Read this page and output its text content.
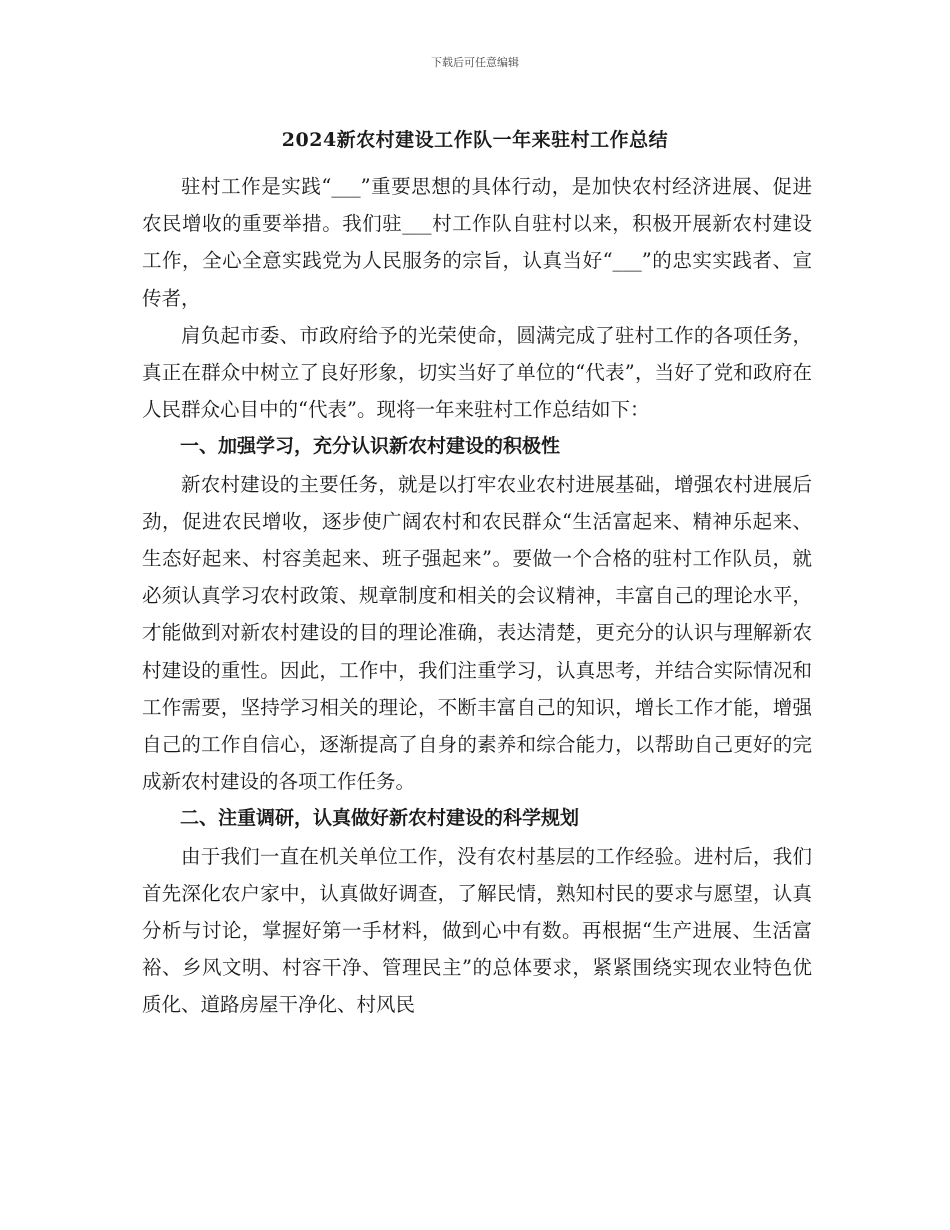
下载后可任意编辑
2024新农村建设工作队一年来驻村工作总结

驻村工作是实践“___”重要思想的具体行动，是加快农村经济进展、促进农民增收的重要举措。我们驻___村工作队自驻村以来，积极开展新农村建设工作，全心全意实践党为人民服务的宗旨，认真当好“___”的忠实实践者、宣传者，

肩负起市委、市政府给予的光荣使命，圆满完成了驻村工作的各项任务，真正在群众中树立了良好形象，切实当好了单位的“代表”，当好了党和政府在人民群众心目中的“代表”。现将一年来驻村工作总结如下：

一、加强学习，充分认识新农村建设的积极性

新农村建设的主要任务，就是以打牢农业农村进展基础，增强农村进展后劲，促进农民增收，逐步使广阔农村和农民群众“生活富起来、精神乐起来、生态好起来、村容美起来、班子强起来”。要做一个合格的驻村工作队员，就必须认真学习农村政策、规章制度和相关的会议精神，丰富自己的理论水平，才能做到对新农村建设的目的理论准确，表达清楚，更充分的认识与理解新农村建设的重性。因此，工作中，我们注重学习，认真思考，并结合实际情况和工作需要，坚持学习相关的理论，不断丰富自己的知识，增长工作才能，增强自己的工作自信心，逐渐提高了自身的素养和综合能力，以帮助自己更好的完成新农村建设的各项工作任务。

二、注重调研，认真做好新农村建设的科学规划

由于我们一直在机关单位工作，没有农村基层的工作经验。进村后，我们首先深化农户家中，认真做好调查，了解民情，熟知村民的要求与愿望，认真分析与讨论，掌握好第一手材料，做到心中有数。再根据“生产进展、生活富裕、乡风文明、村容干净、管理民主”的总体要求，紧紧围绕实现农业特色优质化、道路房屋干净化、村风民
